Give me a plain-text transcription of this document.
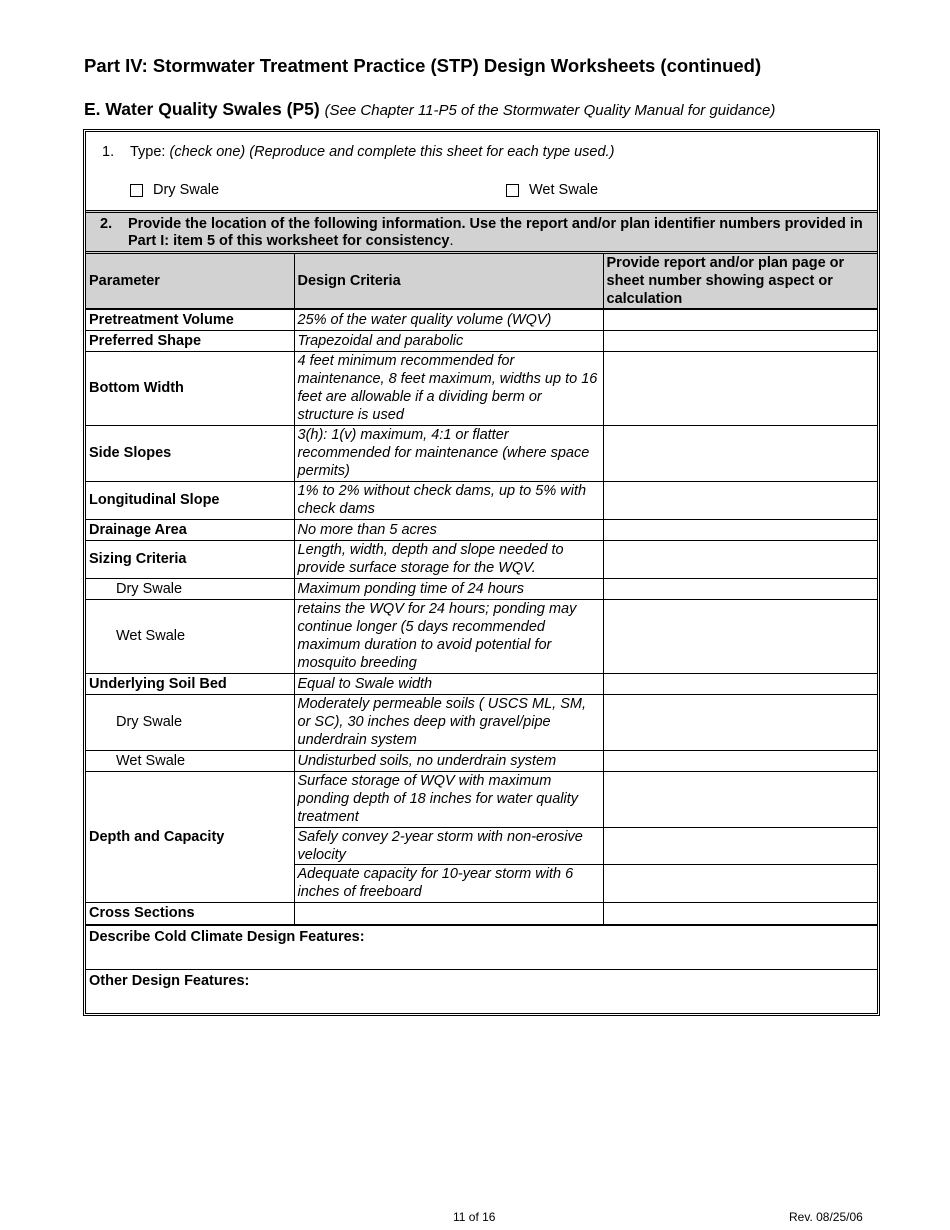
Part IV: Stormwater Treatment Practice (STP) Design Worksheets (continued)
E. Water Quality Swales (P5) (See Chapter 11-P5 of the Stormwater Quality Manual for guidance)
1. Type: (check one) (Reproduce and complete this sheet for each type used.)
Dry Swale	Wet Swale
2.	Provide the location of the following information. Use the report and/or plan identifier numbers provided in Part I: item 5 of this worksheet for consistency.
Parameter	Design Criteria	Provide report and/or plan page or sheet number showing aspect or calculation
Pretreatment Volume	25% of the water quality volume (WQV)	
Preferred Shape	Trapezoidal and parabolic	
Bottom Width	4 feet minimum recommended for maintenance, 8 feet maximum, widths up to 16 feet are allowable if a dividing berm or structure is used	
Side Slopes	3(h): 1(v) maximum, 4:1 or flatter recommended for maintenance (where space permits)	
Longitudinal Slope	1% to 2% without check dams, up to 5% with check dams	
Drainage Area	No more than 5 acres	
Sizing Criteria	Length, width, depth and slope needed to provide surface storage for the WQV.	
Dry Swale	Maximum ponding time of 24 hours	
Wet Swale	retains the WQV for 24 hours; ponding may continue longer (5 days recommended maximum duration to avoid potential for mosquito breeding	
Underlying Soil Bed	Equal to Swale width	
Dry Swale	Moderately permeable soils ( USCS ML, SM, or SC), 30 inches deep with gravel/pipe underdrain system	
Wet Swale	Undisturbed soils, no underdrain system	
Depth and Capacity	Surface storage of WQV with maximum ponding depth of 18 inches for water quality treatment	
	Safely convey 2-year storm with non-erosive velocity	
	Adequate capacity for 10-year storm with 6 inches of freeboard	
Cross Sections		
Describe Cold Climate Design Features:
Other Design Features:
11 of 16	Rev. 08/25/06
